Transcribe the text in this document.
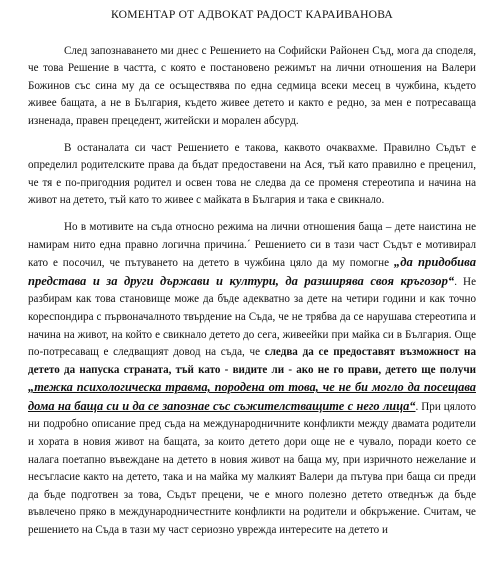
КОМЕНТАР ОТ АДВОКАТ РАДОСТ КАРАИВАНОВА

След запознаването ми днес с Решението на Софийски Районен Съд, мога да споделя, че това Решение в частта, с която е постановено режимът на лични отношения на Валери Божинов със сина му да се осъществява по една седмица всеки месец в чужбина, където живее бащата, а не в България, където живее детето и както е редно, за мен е потресаваща изненада, правен прецедент, житейски и морален абсурд.

В останалата си част Решението е такова, каквото очаквахме. Правилно Съдът е определил родителските права да бъдат предоставени на Ася, тъй като правилно е преценил, че тя е по-пригодния родител и освен това не следва да се променя стереотипа и начина на живот на детето, тъй като то живее с майката в България и така е свикнало.

Но в мотивите на съда относно режима на лични отношения баща – дете наистина не намирам нито една правно логична причина.´ Решението си в тази част Съдът е мотивирал като е посочил, че пътуването на детето в чужбина цяло да му помогне „да придобива представа и за други държави и култури, да разширява своя кръгозор“. Не разбирам как това становище може да бъде адекватно за дете на четири години и как точно кореспондира с първоначалното твърдение на Съда, че не трябва да се нарушава стереотипа и начина на живот, на който е свикнало детето до сега, живеейки при майка си в България. Още по-потресаващ е следващият довод на съда, че следва да се предоставят възможност на детето да напуска страната, тъй като - видите ли - ако не го прави, детето ще получи „тежка психологическа травма, породена от това, че не би могло да посещава дома на баща си и да се запознае със съжителстващите с него лица“. При цялото ни подробно описание пред съда на международничните конфликти между двамата родители и хората в новия живот на бащата, за които детето дори още не е чувало, поради което се налага поетапно въвеждане на детето в новия живот на баща му, при изричното нежелание и несъгласие както на детето, така и на майка му малкият Валери да пътува при баща си преди да бъде подготвен за това, Съдът прецени, че е много полезно детето отведнъж да бъде въвлечено пряко в международничестните конфликти на родители и обкръжение. Считам, че решението на Съда в тази му част сериозно уврежда интересите на детето и
